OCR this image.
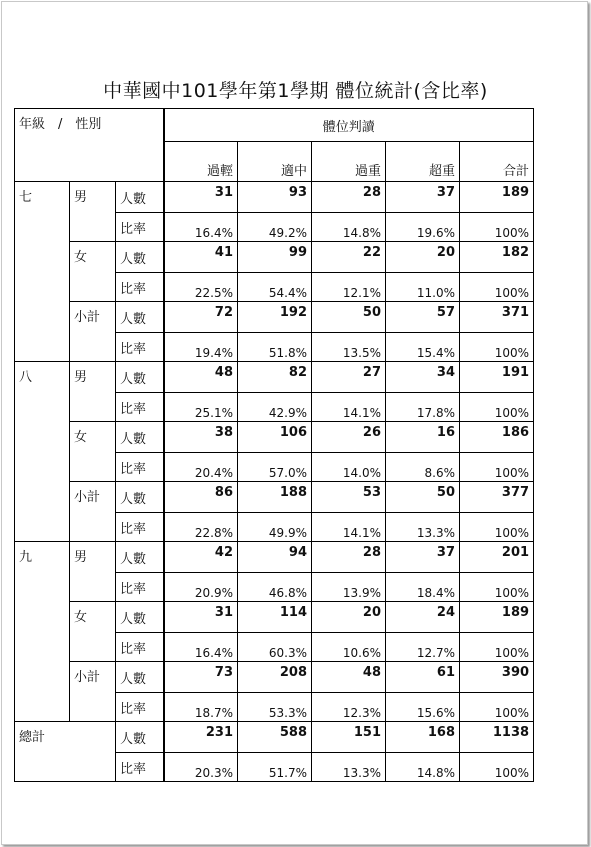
中華國中101學年第1學期 體位統計(含比率)
年級　/　性別			體位判讀				
			過輕	適中	過重	超重	合計
七	男	人數	31	93	28	37	189
		比率	16.4%	49.2%	14.8%	19.6%	100%
	女	人數	41	99	22	20	182
		比率	22.5%	54.4%	12.1%	11.0%	100%
	小計	人數	72	192	50	57	371
		比率	19.4%	51.8%	13.5%	15.4%	100%
八	男	人數	48	82	27	34	191
		比率	25.1%	42.9%	14.1%	17.8%	100%
	女	人數	38	106	26	16	186
		比率	20.4%	57.0%	14.0%	8.6%	100%
	小計	人數	86	188	53	50	377
		比率	22.8%	49.9%	14.1%	13.3%	100%
九	男	人數	42	94	28	37	201
		比率	20.9%	46.8%	13.9%	18.4%	100%
	女	人數	31	114	20	24	189
		比率	16.4%	60.3%	10.6%	12.7%	100%
	小計	人數	73	208	48	61	390
		比率	18.7%	53.3%	12.3%	15.6%	100%
總計		人數	231	588	151	168	1138
		比率	20.3%	51.7%	13.3%	14.8%	100%
